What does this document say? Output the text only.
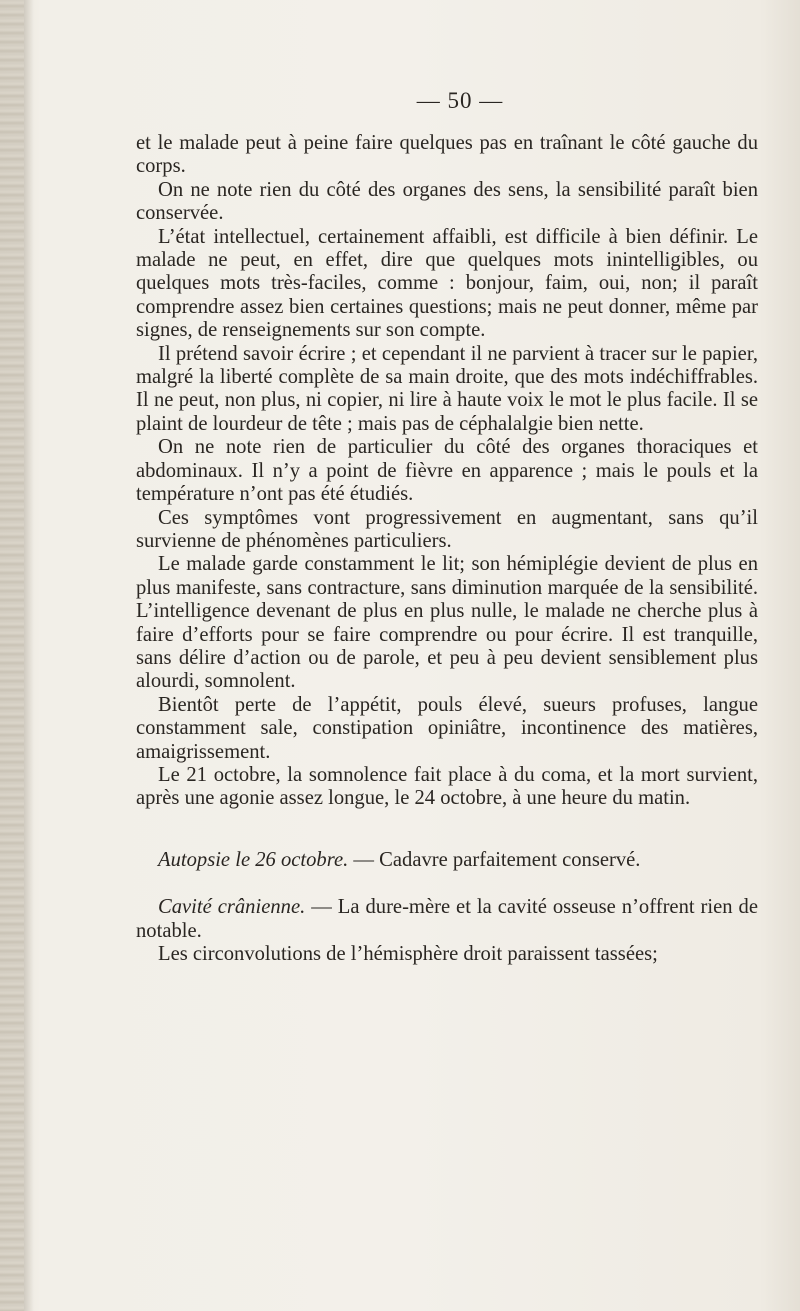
— 50 —

et le malade peut à peine faire quelques pas en traînant le côté gauche du corps.

On ne note rien du côté des organes des sens, la sensibilité paraît bien conservée.

L’état intellectuel, certainement affaibli, est difficile à bien définir. Le malade ne peut, en effet, dire que quelques mots inintelligibles, ou quelques mots très-faciles, comme : bonjour, faim, oui, non; il paraît comprendre assez bien certaines questions; mais ne peut donner, même par signes, de renseignements sur son compte.

Il prétend savoir écrire ; et cependant il ne parvient à tracer sur le papier, malgré la liberté complète de sa main droite, que des mots indéchiffrables. Il ne peut, non plus, ni copier, ni lire à haute voix le mot le plus facile. Il se plaint de lourdeur de tête ; mais pas de céphalalgie bien nette.

On ne note rien de particulier du côté des organes thoraciques et abdominaux. Il n’y a point de fièvre en apparence ; mais le pouls et la température n’ont pas été étudiés.

Ces symptômes vont progressivement en augmentant, sans qu’il survienne de phénomènes particuliers.

Le malade garde constamment le lit; son hémiplégie devient de plus en plus manifeste, sans contracture, sans diminution marquée de la sensibilité. L’intelligence devenant de plus en plus nulle, le malade ne cherche plus à faire d’efforts pour se faire comprendre ou pour écrire. Il est tranquille, sans délire d’action ou de parole, et peu à peu devient sensiblement plus alourdi, somnolent.

Bientôt perte de l’appétit, pouls élevé, sueurs profuses, langue constamment sale, constipation opiniâtre, incontinence des matières, amaigrissement.

Le 21 octobre, la somnolence fait place à du coma, et la mort survient, après une agonie assez longue, le 24 octobre, à une heure du matin.

Autopsie le 26 octobre. — Cadavre parfaitement conservé.

Cavité crânienne. — La dure-mère et la cavité osseuse n’offrent rien de notable.

Les circonvolutions de l’hémisphère droit paraissent tassées;
